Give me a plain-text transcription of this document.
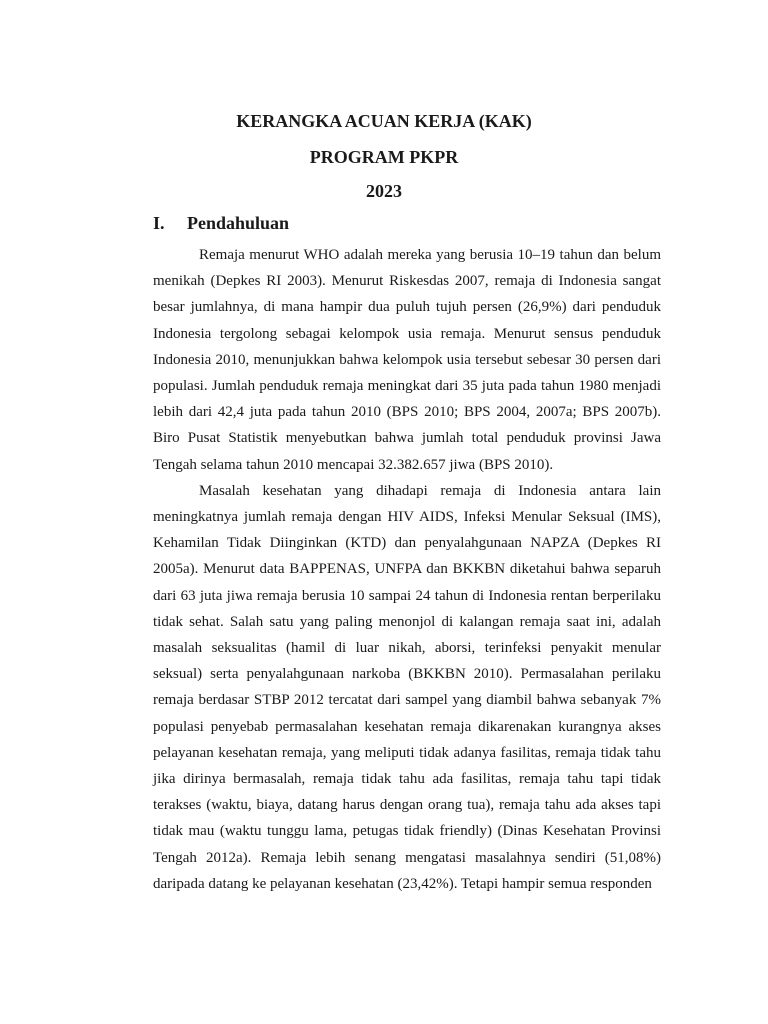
KERANGKA ACUAN KERJA (KAK)
PROGRAM PKPR
2023
I. Pendahuluan

Remaja menurut WHO adalah mereka yang berusia 10–19 tahun dan belum menikah (Depkes RI 2003). Menurut Riskesdas 2007, remaja di Indonesia sangat besar jumlahnya, di mana hampir dua puluh tujuh persen (26,9%) dari penduduk Indonesia tergolong sebagai kelompok usia remaja. Menurut sensus penduduk Indonesia 2010, menunjukkan bahwa kelompok usia tersebut sebesar 30 persen dari populasi. Jumlah penduduk remaja meningkat dari 35 juta pada tahun 1980 menjadi lebih dari 42,4 juta pada tahun 2010 (BPS 2010; BPS 2004, 2007a; BPS 2007b). Biro Pusat Statistik menyebutkan bahwa jumlah total penduduk provinsi Jawa Tengah selama tahun 2010 mencapai 32.382.657 jiwa (BPS 2010).

Masalah kesehatan yang dihadapi remaja di Indonesia antara lain meningkatnya jumlah remaja dengan HIV AIDS, Infeksi Menular Seksual (IMS), Kehamilan Tidak Diinginkan (KTD) dan penyalahgunaan NAPZA (Depkes RI 2005a). Menurut data BAPPENAS, UNFPA dan BKKBN diketahui bahwa separuh dari 63 juta jiwa remaja berusia 10 sampai 24 tahun di Indonesia rentan berperilaku tidak sehat. Salah satu yang paling menonjol di kalangan remaja saat ini, adalah masalah seksualitas (hamil di luar nikah, aborsi, terinfeksi penyakit menular seksual) serta penyalahgunaan narkoba (BKKBN 2010). Permasalahan perilaku remaja berdasar STBP 2012 tercatat dari sampel yang diambil bahwa sebanyak 7% populasi penyebab permasalahan kesehatan remaja dikarenakan kurangnya akses pelayanan kesehatan remaja, yang meliputi tidak adanya fasilitas, remaja tidak tahu jika dirinya bermasalah, remaja tidak tahu ada fasilitas, remaja tahu tapi tidak terakses (waktu, biaya, datang harus dengan orang tua), remaja tahu ada akses tapi tidak mau (waktu tunggu lama, petugas tidak friendly) (Dinas Kesehatan Provinsi Tengah 2012a). Remaja lebih senang mengatasi masalahnya sendiri (51,08%) daripada datang ke pelayanan kesehatan (23,42%). Tetapi hampir semua responden
